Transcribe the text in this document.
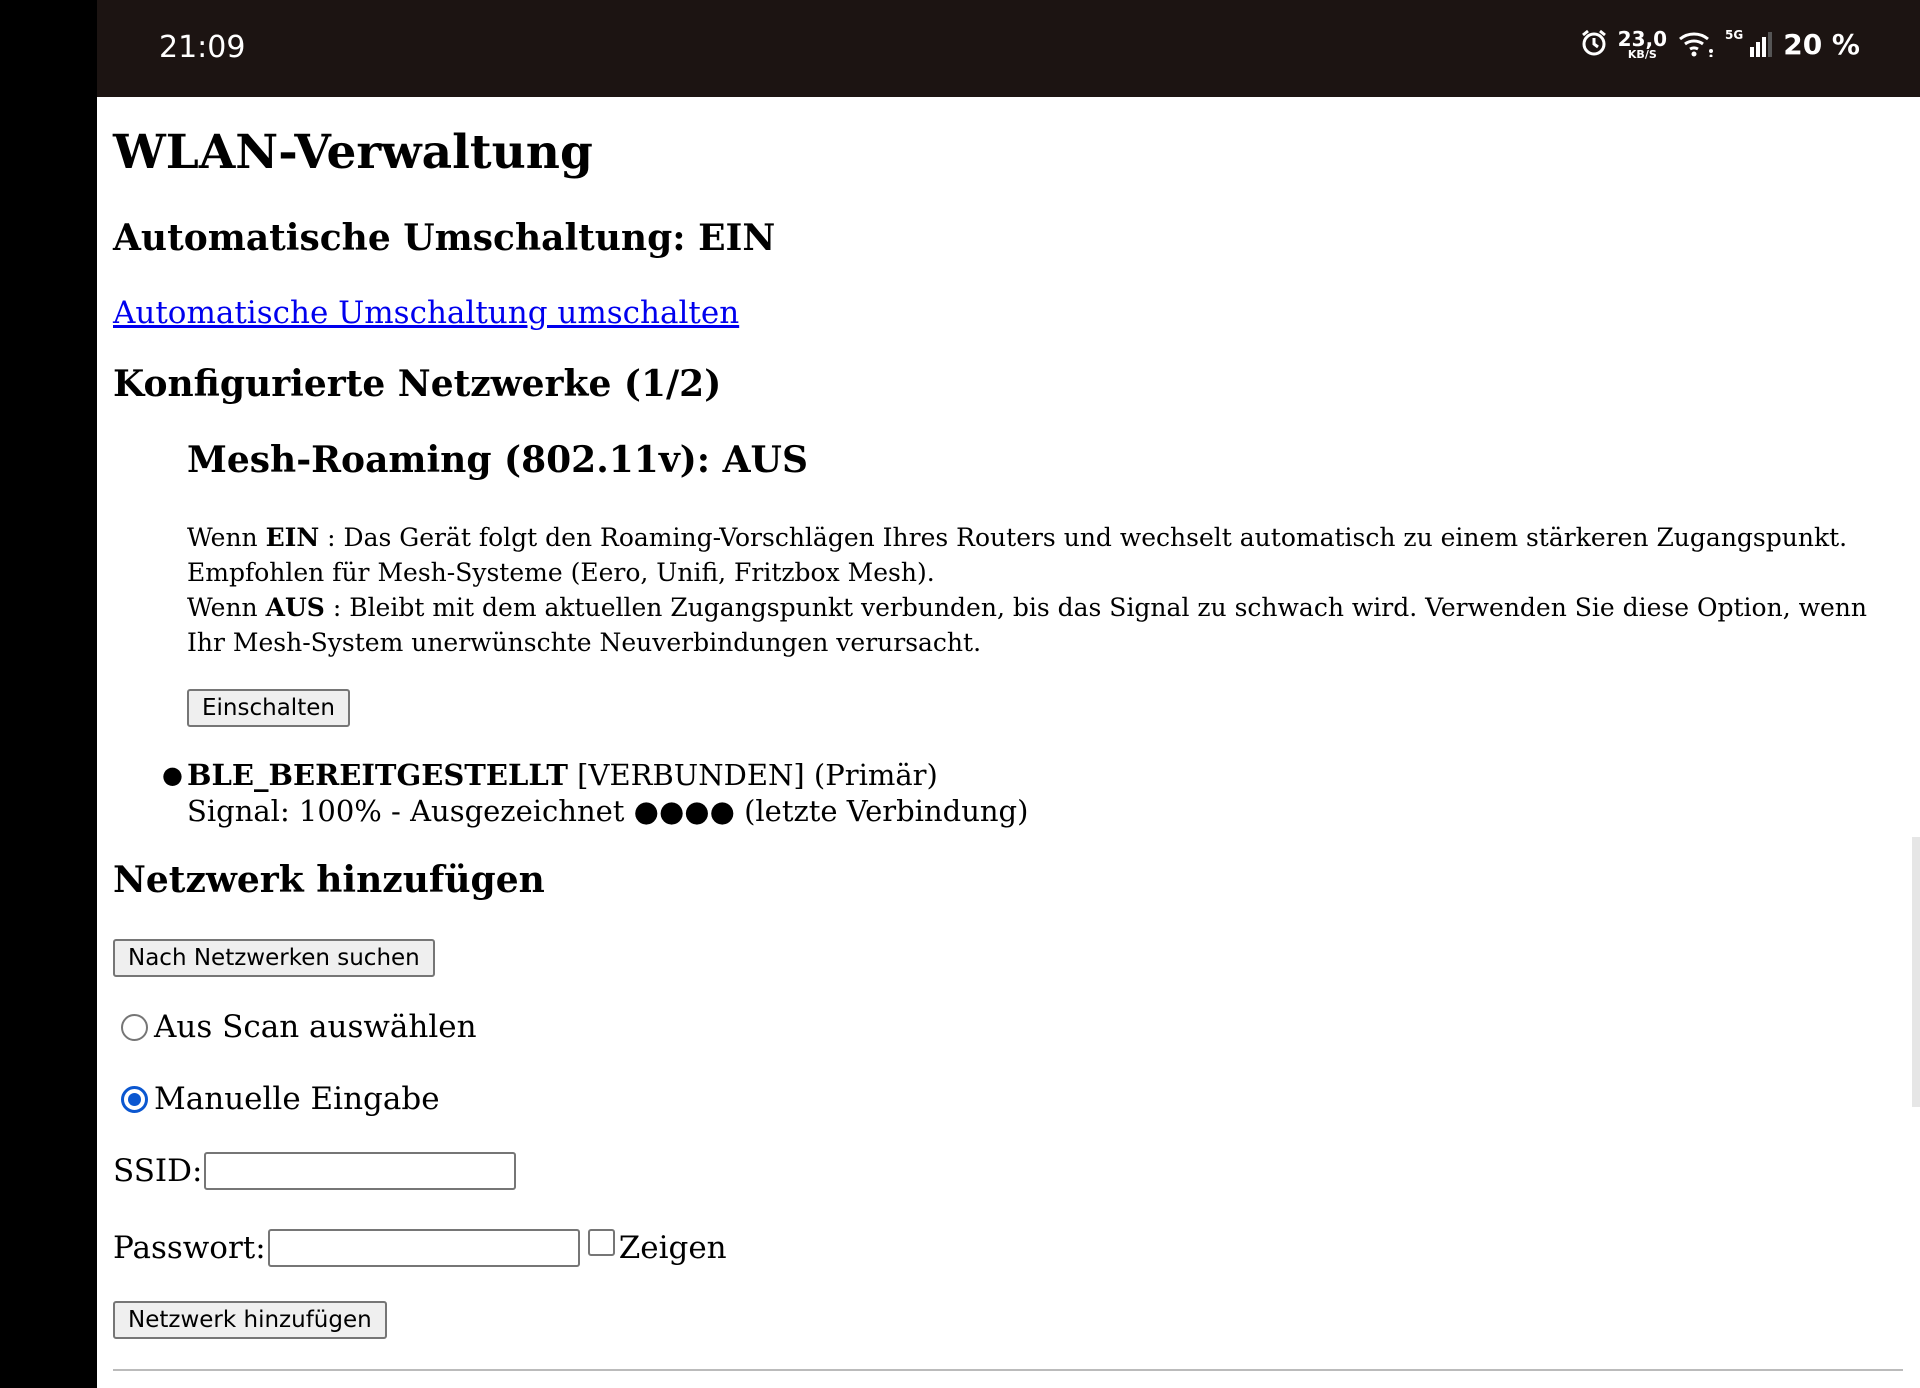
21:09	23,0
KB/S
5G 20 %
WLAN-Verwaltung
Automatische Umschaltung: EIN
Automatische Umschaltung umschalten
Konfigurierte Netzwerke (1/2)
Mesh-Roaming (802.11v): AUS

Wenn EIN : Das Gerät folgt den Roaming-Vorschlägen Ihres Routers und wechselt automatisch zu einem stärkeren Zugangspunkt. Empfohlen für Mesh-Systeme (Eero, Unifi, Fritzbox Mesh).

Wenn AUS : Bleibt mit dem aktuellen Zugangspunkt verbunden, bis das Signal zu schwach wird. Verwenden Sie diese Option, wenn Ihr Mesh-System unerwünschte Neuverbindungen verursacht.

Einschalten
● BLE_BEREITGESTELLT [VERBUNDEN] (Primär)
Signal: 100% - Ausgezeichnet ●●●● (letzte Verbindung)
Netzwerk hinzufügen
Nach Netzwerken suchen
Aus Scan auswählen
Manuelle Eingabe
SSID:
Passwort:	Zeigen
Netzwerk hinzufügen
